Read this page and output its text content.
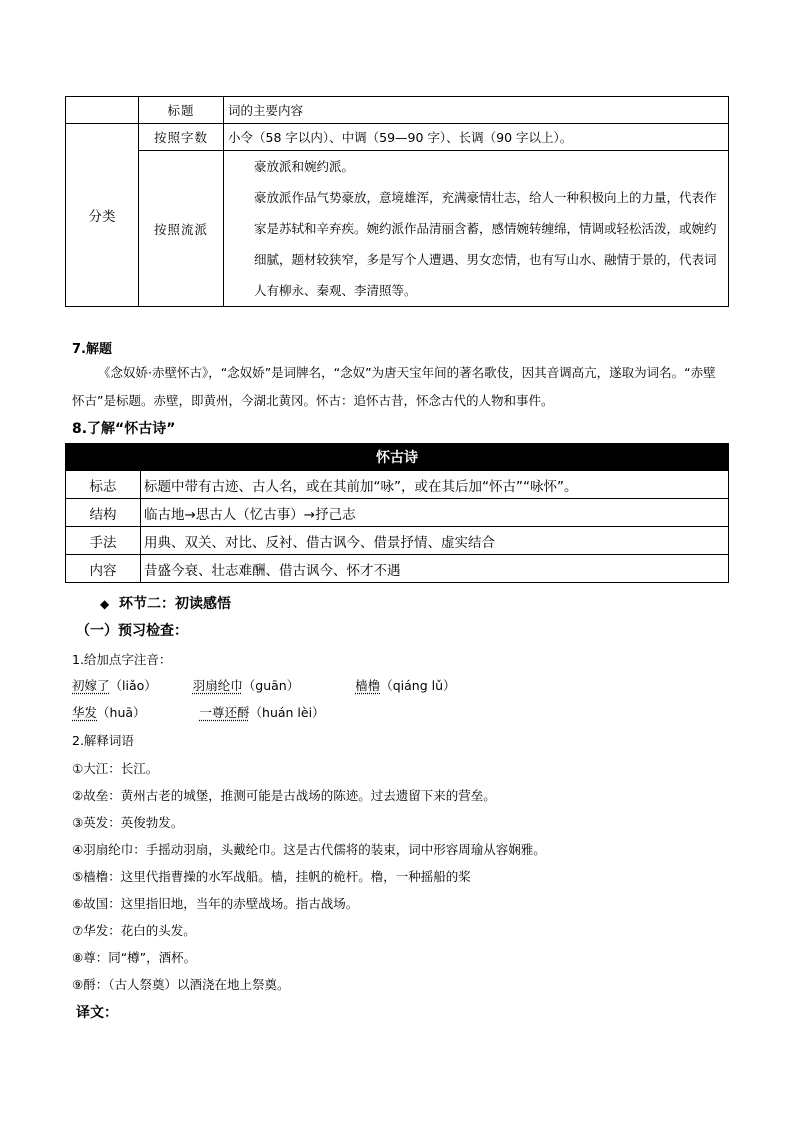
	标题	词的主要内容
分类	按照字数	小令（58 字以内）、中调（59—90 字）、长调（90 字以上）。
	按照流派	豪放派和婉约派。

豪放派作品气势豪放，意境雄浑，充满豪情壮志，给人一种积极向上的力量，代表作家是苏轼和辛弃疾。婉约派作品清丽含蓄，感情婉转缠绵，情调或轻松活泼，或婉约细腻，题材较狭窄，多是写个人遭遇、男女恋情，也有写山水、融情于景的，代表词人有柳永、秦观、李清照等。

7.解题
《念奴娇·赤壁怀古》，“念奴娇”是词牌名，“念奴”为唐天宝年间的著名歌伎，因其音调高亢，遂取为词名。“赤壁怀古”是标题。赤壁，即黄州，今湖北黄冈。怀古：追怀古昔，怀念古代的人物和事件。
8.了解“怀古诗”
怀古诗	
标志	标题中带有古迹、古人名，或在其前加“咏”，或在其后加“怀古”“咏怀”。
结构	临古地→思古人（忆古事）→抒己志
手法	用典、双关、对比、反衬、借古讽今、借景抒情、虚实结合
内容	昔盛今衰、壮志难酬、借古讽今、怀才不遇
◆ 环节二：初读感悟
（一）预习检查：
1.给加点字注音：
初嫁了（liǎo）	羽扇纶巾（guān）	樯橹（qiáng lǔ）
华发（huā）	一尊还酹（huán lèi）
2.解释词语
①大江：长江。
②故垒：黄州古老的城堡，推测可能是古战场的陈迹。过去遗留下来的营垒。
③英发：英俊勃发。
④羽扇纶巾：手摇动羽扇，头戴纶巾。这是古代儒将的装束，词中形容周瑜从容娴雅。
⑤樯橹：这里代指曹操的水军战船。樯，挂帆的桅杆。橹，一种摇船的桨
⑥故国：这里指旧地，当年的赤壁战场。指古战场。
⑦华发：花白的头发。
⑧尊：同“樽”，酒杯。
⑨酹：（古人祭奠）以酒浇在地上祭奠。
译文：
